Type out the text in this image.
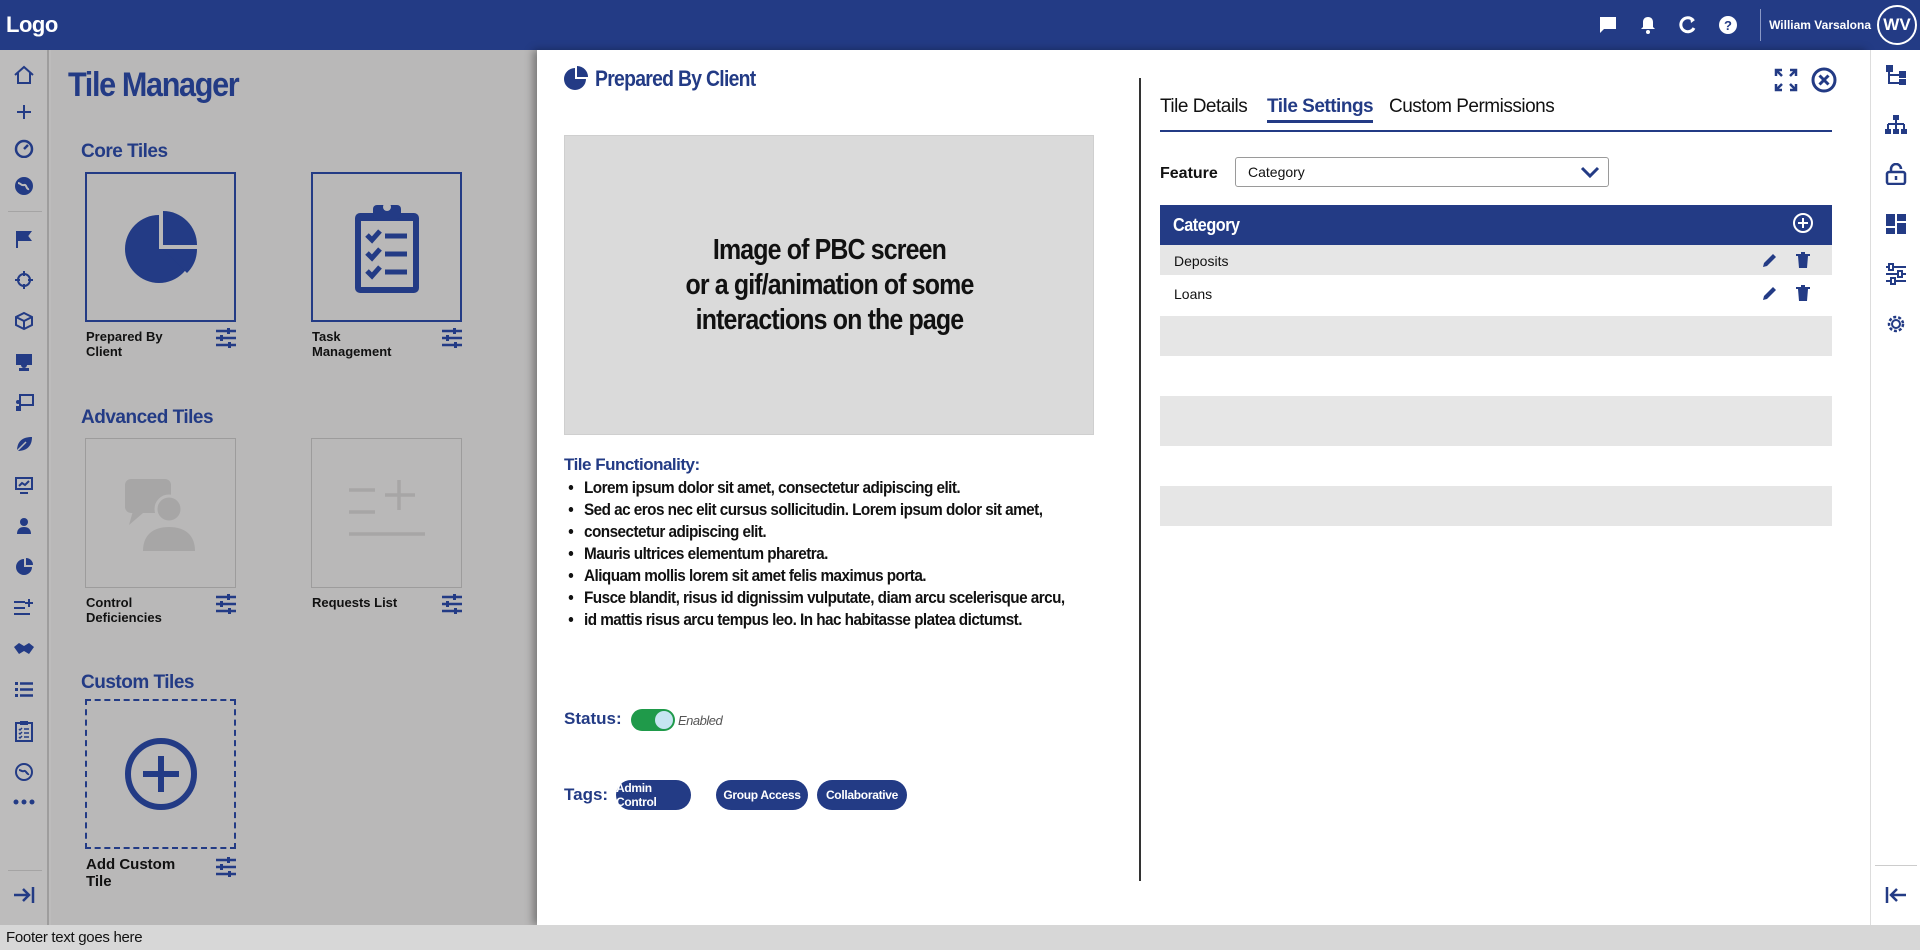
Logo	?	William Varsalona WV
Tile Manager
Core Tiles
Prepared By Client
Task Management
Advanced Tiles
Control Deficiencies
Requests List
Custom Tiles
Add Custom Tile
Prepared By Client
Image of PBC screen
or a gif/animation of some
interactions on the page
Tile Functionality:
• Lorem ipsum dolor sit amet, consectetur adipiscing elit.
• Sed ac eros nec elit cursus sollicitudin. Lorem ipsum dolor sit amet,
• consectetur adipiscing elit.
• Mauris ultrices elementum pharetra.
• Aliquam mollis lorem sit amet felis maximus porta.
• Fusce blandit, risus id dignissim vulputate, diam arcu scelerisque arcu,
• id mattis risus arcu tempus leo. In hac habitasse platea dictumst.
Status:	Enabled
Tags: Admin Control	Group Access	Collaborative
Tile Details Tile Settings Custom Permissions
Feature	Category
Category
Deposits
Loans
Footer text goes here
